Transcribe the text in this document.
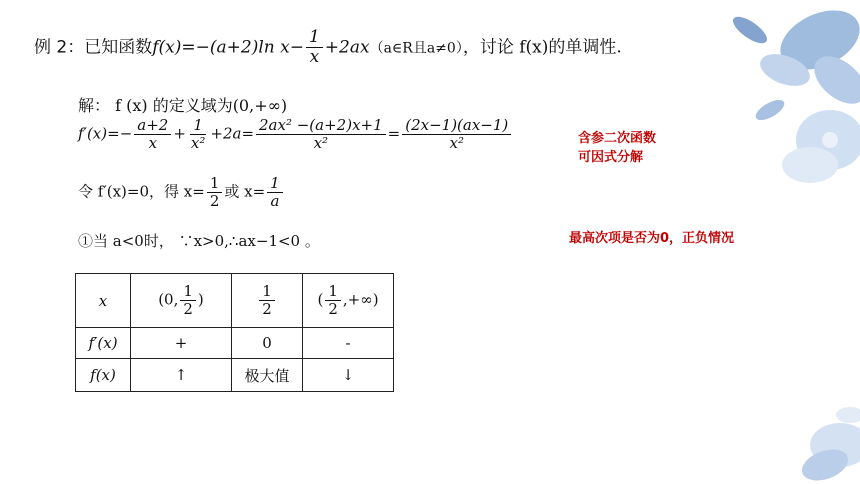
例 2：已知函数f(x)=−(a+2)ln $x- \frac{1}{x}$ +2ax（a∈R且a≠0），讨论 f(x)的单调性.
解： f (x) 的定义域为(0,+∞)
$f'(x)=- \frac{a+2}{x} + \frac{1}{\text{x²}} +2a= \frac{\text{2ax² −(a+2)x+1}}{\text{x²}} = \frac{(2x-1)(ax-1)}{\text{x²}}$
令 f′(x)=0，得 $x= \frac{1}{2}$ 或 $x= \frac{1}{a}$
①当 a<0时， ∵x>0,∴ax−1<0 。
含参二次函数
可因式分解
最高次项是否为0，正负情况
x	(0, $\frac{1}{2}$ )	$\frac{1}{2}$	( $\frac{1}{2}$ ,+∞)
f′(x)	+	0	-
f(x)	↑	极大值	↓
